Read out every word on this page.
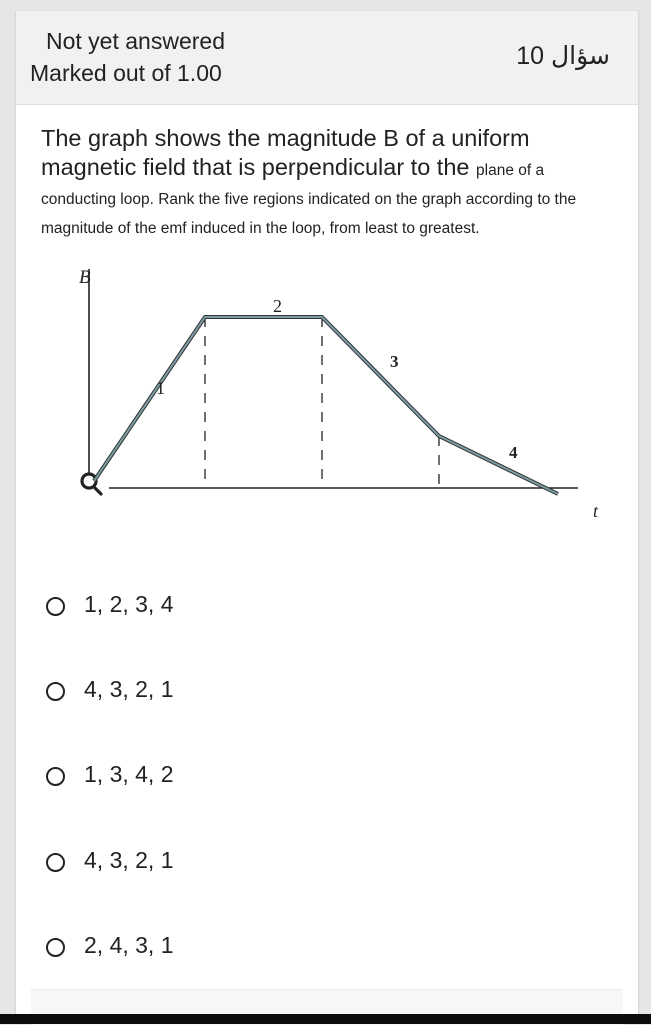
Not yet answered
Marked out of 1.00
10 سؤال
The graph shows the magnitude B of a uniform magnetic field that is perpendicular to the plane of a conducting loop. Rank the five regions indicated on the graph according to the magnitude of the emf induced in the loop, from least to greatest.
B
t
1
2
3
4
1, 2, 3, 4
4, 3, 2, 1
1, 3, 4, 2
4, 3, 2, 1
2, 4, 3, 1
